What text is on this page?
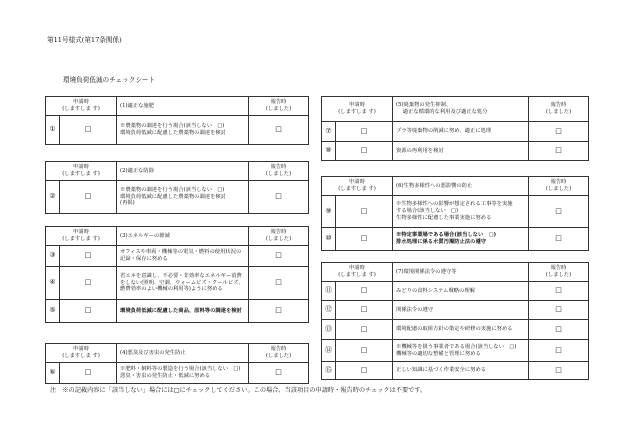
第11号様式(第17条関係)
環境負荷低減のチェックシート
申請時
(しますしま す)		(1)適正な施肥	報告時
(しました)
①	□	※農薬物の調達を行う場合(該当しない　□)
環境負荷低減に配慮した農薬物の調達を検討	□
申請時
(しますしま す)		(2)適正な防除	報告時
(しました)
②	□	※農薬物の調達を行う場合(該当しない　□)
環境負荷低減に配慮した農薬物の調達を検討
(再掲)	□
申請時
(しますしま す)		(3)エネルギーの節減	報告時
(しました)
③	□	オフィスや車両・機械等の電気・燃料の使用状況の
記録・保存に努める	□
④	□	省エネを意識し、不必要・非効率なエネルギー消費
をしない(照明、空調、ウォームビズ・クールビズ、
燃費効率のよい機械の利用等)ように努める	□
⑤	□	環境負荷低減に配慮した商品、原料等の調達を検討	□
申請時
(しますしま す)		(4)悪臭及び害虫の発生防止	報告時
(しました)
⑥	□	※肥料・飼料等の製造を行う場合(該当しない　□)
悪臭・害虫の発生防止・低減に努める	□
申請時
(しますしま す)		(5)廃棄物の発生抑制、
適正な循環的な利用及び適正な処分	報告時
(しました)
⑦	□	プラ等廃棄物の削減に努め、適正に処理	□
⑧	□	資源の再利用を検討	□
申請時
(しますしま す)		(6)生物多様性への悪影響の防止	報告時
(しました)
⑨	□	※生物多様性への影響が想定される工事等を実施
する場合(該当しない　□)
生物多様性に配慮した事業実施に努める	□
⑩	□	※特定事業場である場合(該当しない　□)
排水処理に係る水質汚濁防止法の遵守	□
申請時
(しますしま す)		(7)環境関係法令の遵守等	報告時
(しました)
⑪	□	みどりの食料システム戦略の理解	□
⑫	□	関係法令の遵守	□
⑬	□	環境配慮の取組方針の策定や研修の実施に努める	□
⑭	□	※機械等を扱う事業者である場合(該当しない　□)
機械等の適切な整備と管理に努める	□
⑮	□	正しい知識に基づく作業安全に努める	□
注　※の記載内容に「該当しない」場合には□にチェックしてください。この場合、当該項目の申請時・報告時のチェックは不要です。
